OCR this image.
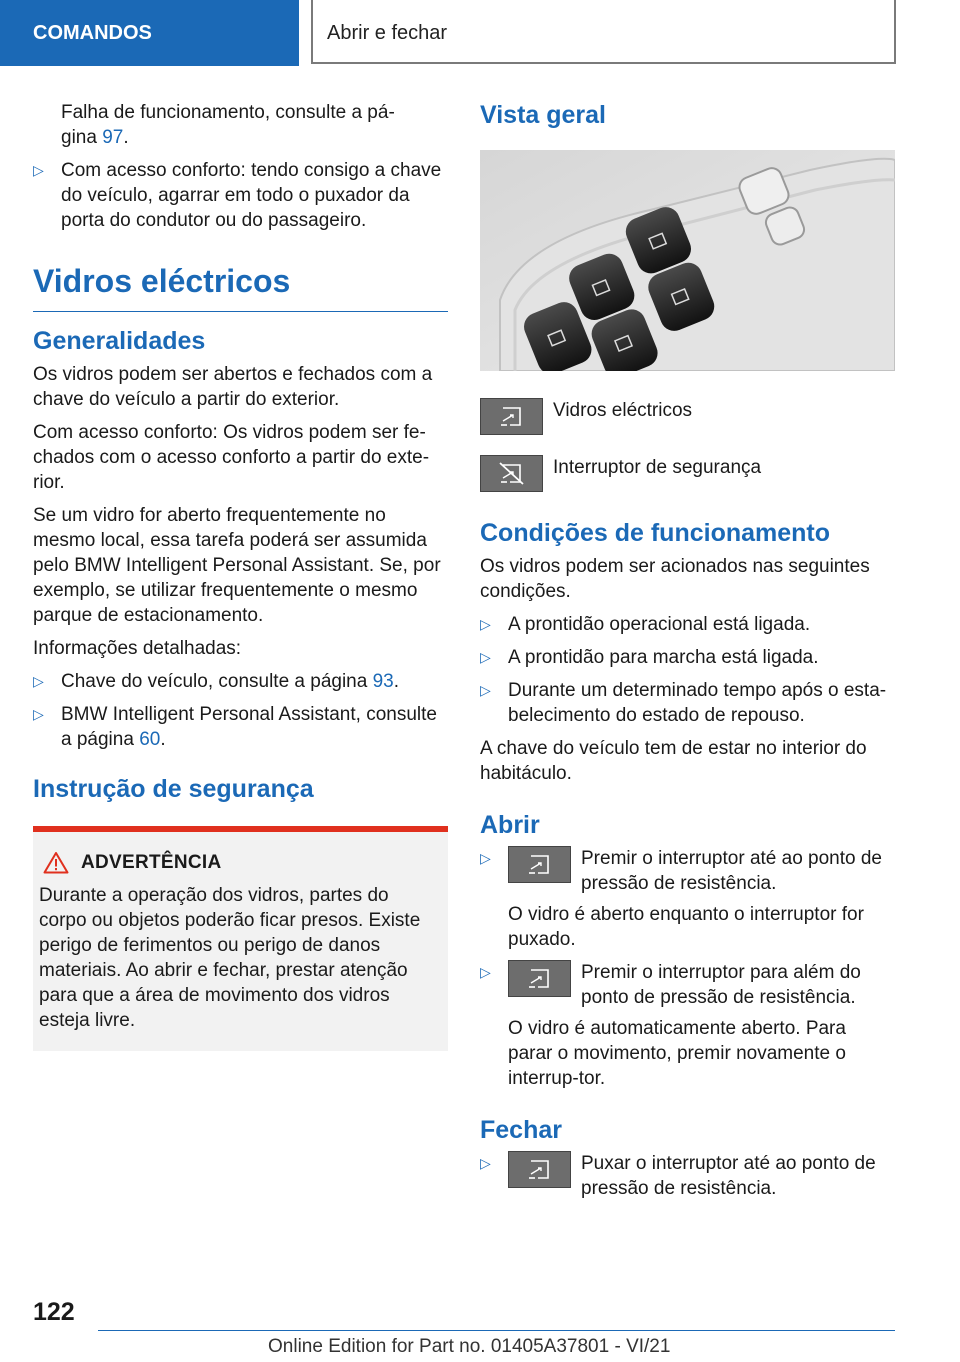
COMANDOS	Abrir e fechar

Falha de funcionamento, consulte a pá-
gina 97.

▷ Com acesso conforto: tendo consigo a chave do veículo, agarrar em todo o puxador da porta do condutor ou do passageiro.
Vidros eléctricos
Generalidades

Os vidros podem ser abertos e fechados com a chave do veículo a partir do exterior.

Com acesso conforto: Os vidros podem ser fe-chados com o acesso conforto a partir do exte-rior.

Se um vidro for aberto frequentemente no mesmo local, essa tarefa poderá ser assumida pelo BMW Intelligent Personal Assistant. Se, por exemplo, se utilizar frequentemente o mesmo parque de estacionamento.

Informações detalhadas:

▷ Chave do veículo, consulte a página 93.
▷ BMW Intelligent Personal Assistant, consulte a página 60.
Instrução de segurança
ADVERTÊNCIA
Durante a operação dos vidros, partes do corpo ou objetos poderão ficar presos. Existe perigo de ferimentos ou perigo de danos materiais. Ao abrir e fechar, prestar atenção para que a área de movimento dos vidros esteja livre.
Vista geral
Vidros eléctricos
Interruptor de segurança
Condições de funcionamento

Os vidros podem ser acionados nas seguintes condições.

▷ A prontidão operacional está ligada.
▷ A prontidão para marcha está ligada.
▷ Durante um determinado tempo após o esta-belecimento do estado de repouso.

A chave do veículo tem de estar no interior do habitáculo.

Abrir
▷	Premir o interruptor até ao ponto de pressão de resistência.
O vidro é aberto enquanto o interruptor for puxado.
▷	Premir o interruptor para além do ponto de pressão de resistência.
O vidro é automaticamente aberto. Para parar o movimento, premir novamente o interrup-tor.
Fechar
▷	Puxar o interruptor até ao ponto de pressão de resistência.
122
Online Edition for Part no. 01405A37801 - VI/21
